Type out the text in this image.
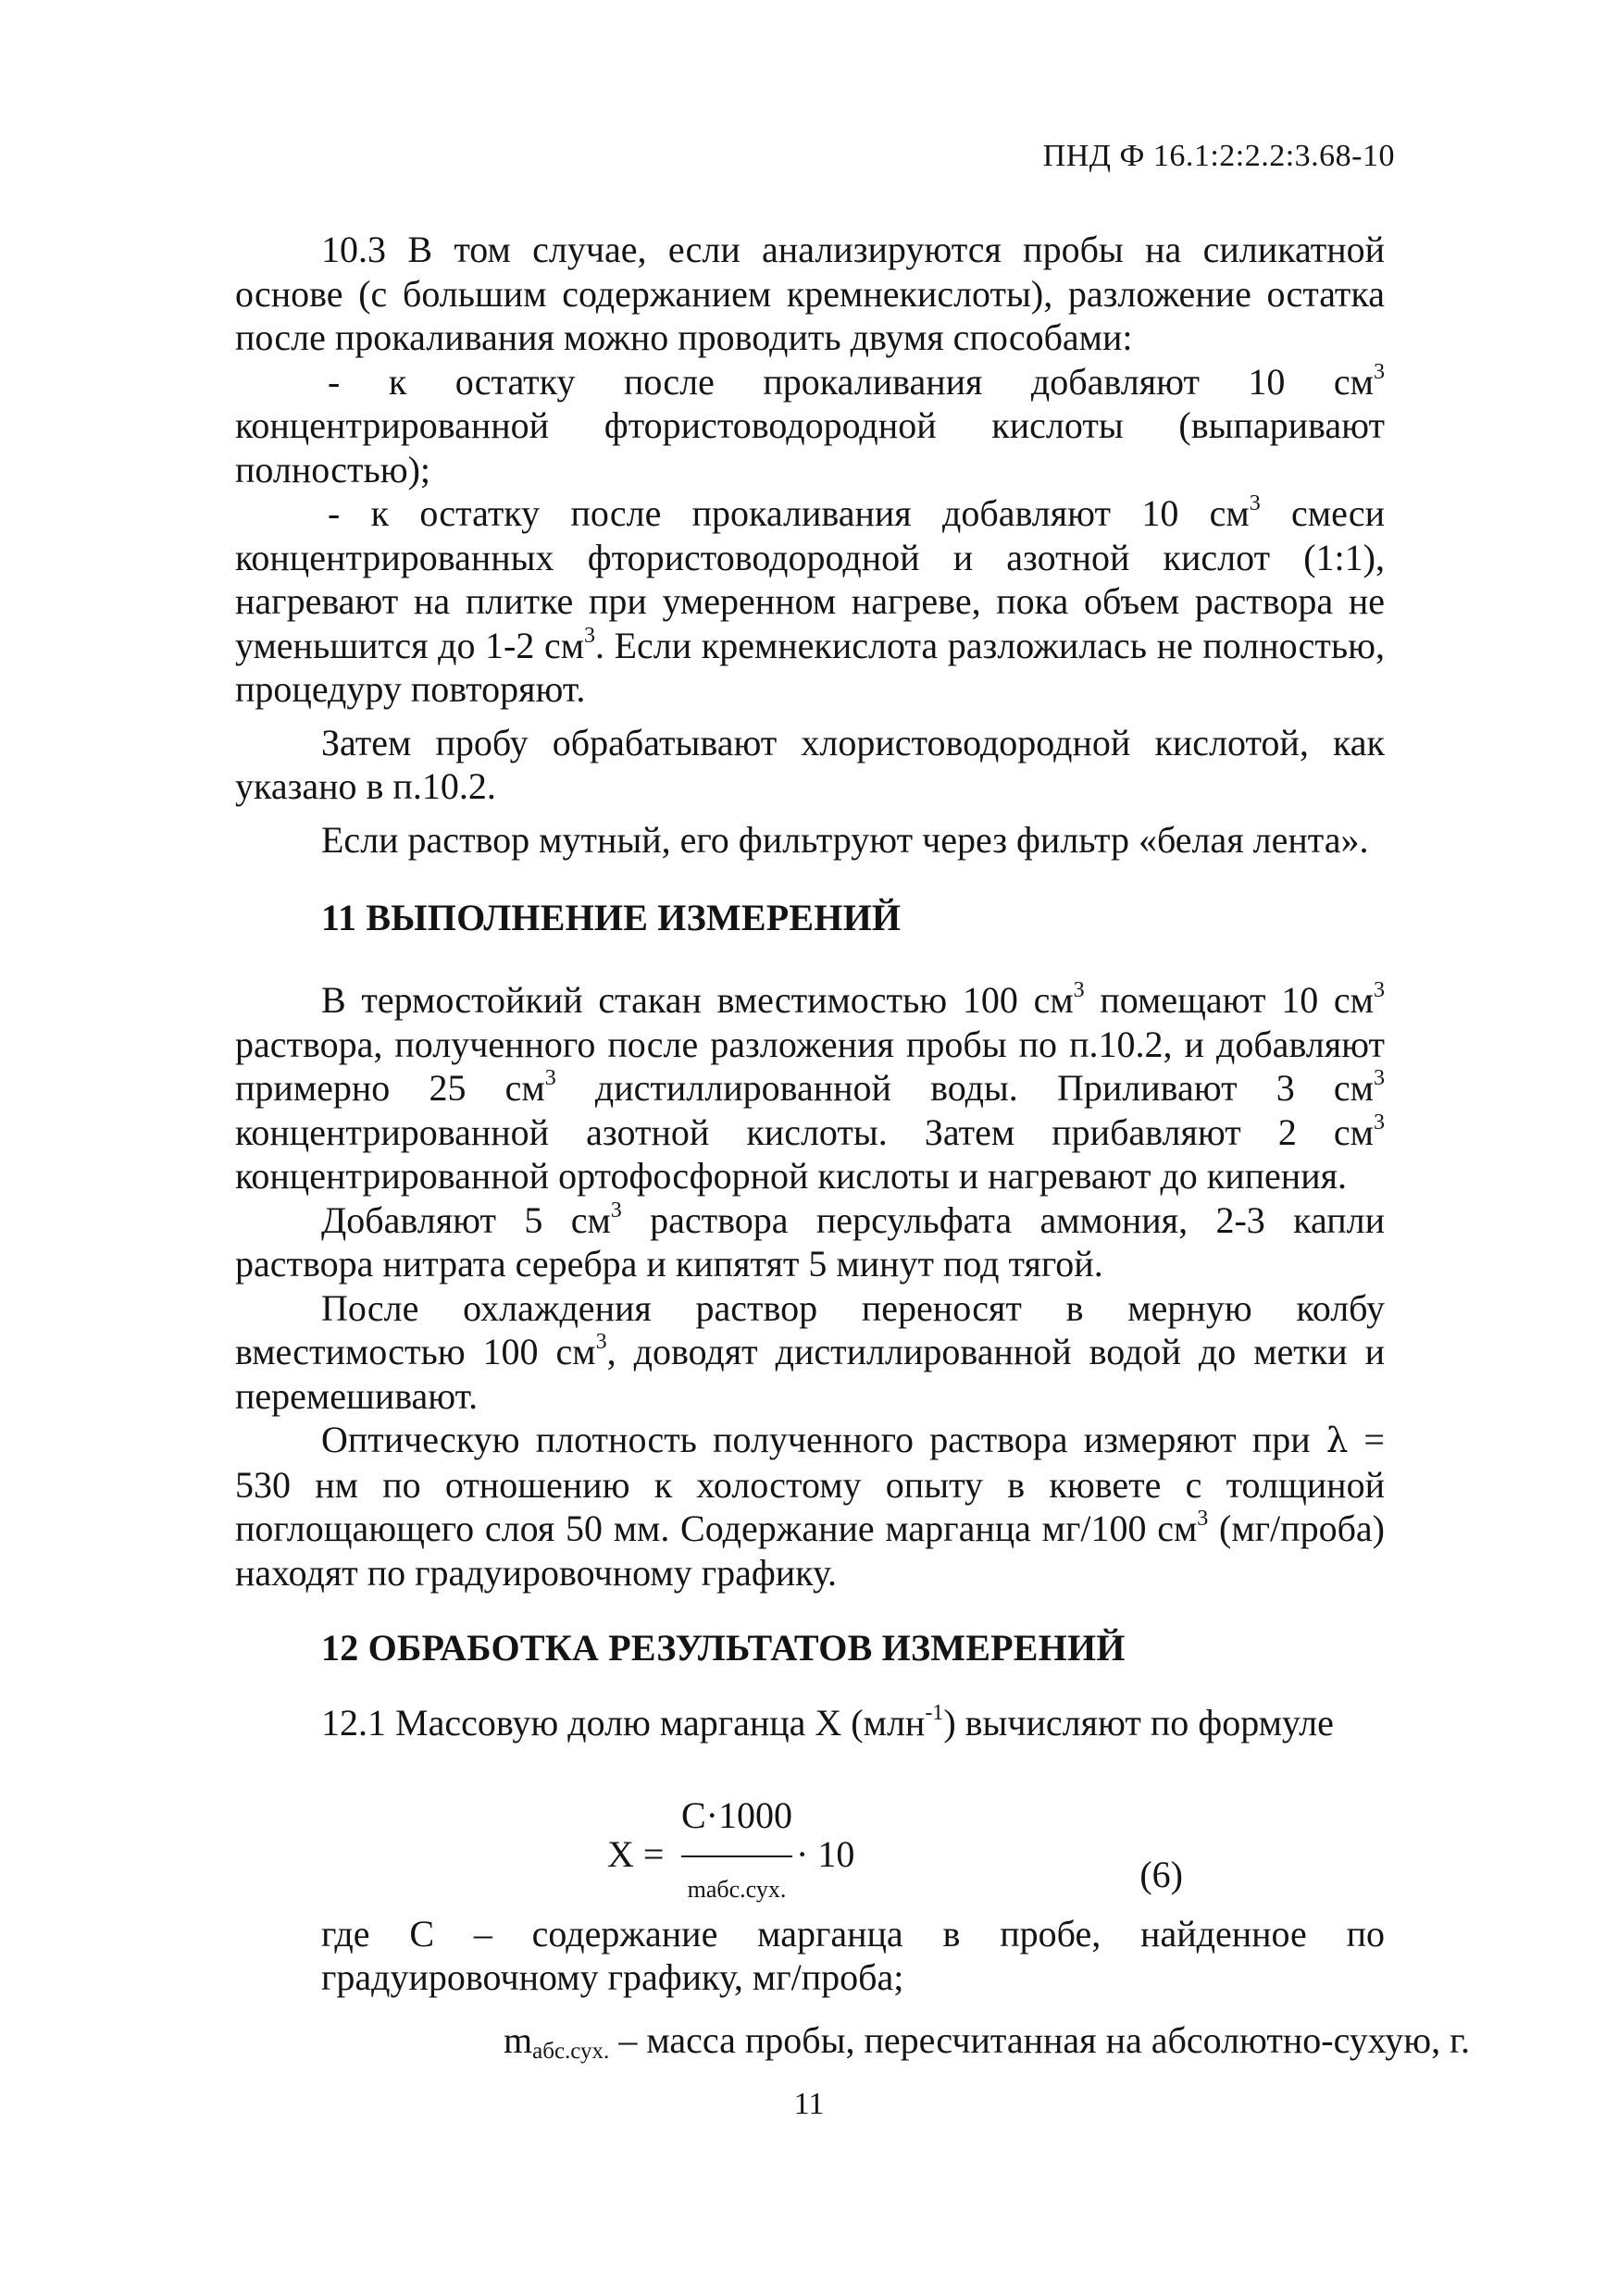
ПНД Ф 16.1:2:2.2:3.68-10

10.3 В том случае, если анализируются пробы на силикатной основе (с большим содержанием кремнекислоты), разложение остатка после прокаливания можно проводить двумя способами:

- к остатку после прокаливания добавляют 10 $см^3$ концентрированной фтористоводородной кислоты (выпаривают полностью);

- к остатку после прокаливания добавляют 10 $см^3$ смеси концентрированных фтористоводородной и азотной кислот (1:1), нагревают на плитке при умеренном нагреве, пока объем раствора не уменьшится до 1-2 $см^3$. Если кремнекислота разложилась не полностью, процедуру повторяют.

Затем пробу обрабатывают хлористоводородной кислотой, как указано в п.10.2.

Если раствор мутный, его фильтруют через фильтр «белая лента».

11 ВЫПОЛНЕНИЕ ИЗМЕРЕНИЙ

В термостойкий стакан вместимостью 100 $см^3$ помещают 10 $см^3$ раствора, полученного после разложения пробы по п.10.2, и добавляют примерно 25 $см^3$ дистиллированной воды. Приливают 3 $см^3$ концентрированной азотной кислоты. Затем прибавляют 2 $см^3$ концентрированной ортофосфорной кислоты и нагревают до кипения.

Добавляют 5 $см^3$ раствора персульфата аммония, 2-3 капли раствора нитрата серебра и кипятят 5 минут под тягой.

После охлаждения раствор переносят в мерную колбу вместимостью 100 $см^3$, доводят дистиллированной водой до метки и перемешивают.

Оптическую плотность полученного раствора измеряют при λ = 530 нм по отношению к холостому опыту в кювете с толщиной поглощающего слоя 50 мм. Содержание марганца мг/100 $см^3$ (мг/проба) находят по градуировочному графику.

12 ОБРАБОТКА РЕЗУЛЬТАТОВ ИЗМЕРЕНИЙ

12.1 Массовую долю марганца X (млн$^{-1}$) вычисляют по формуле

X =
C·1000
mабс.сух.
· 10	(6)

где C – содержание марганца в пробе, найденное по градуировочному графику, мг/проба;

$m_{абс.сух.}$ – масса пробы, пересчитанная на абсолютно-сухую, г.

11
